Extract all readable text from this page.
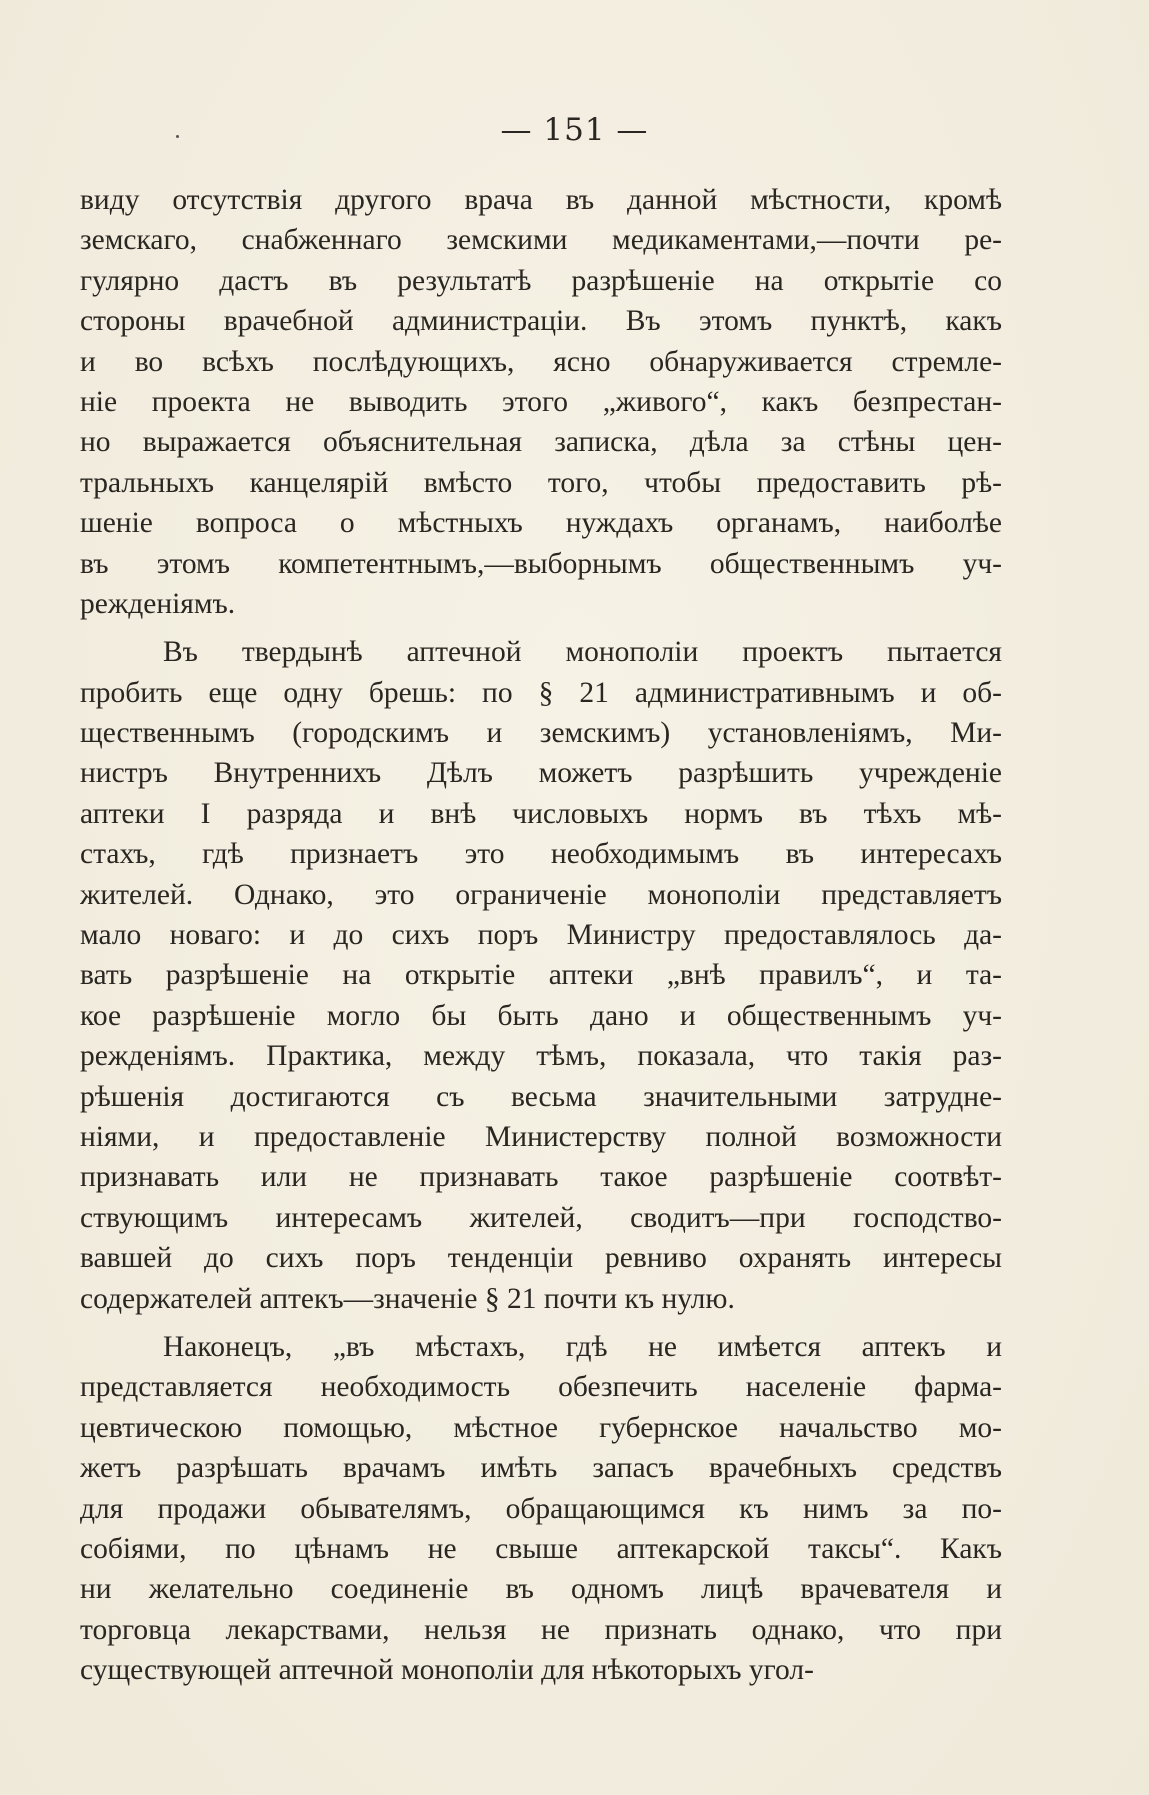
— 151 —
виду отсутствія другого врача въ данной мѣстности, кромѣ
земскаго, снабженнаго земскими медикаментами,—почти ре-
гулярно дастъ въ результатѣ разрѣшеніе на открытіе со
стороны врачебной администраціи. Въ этомъ пунктѣ, какъ
и во всѣхъ послѣдующихъ, ясно обнаруживается стремле-
ніе проекта не выводить этого „живого“, какъ безпрестан-
но выражается объяснительная записка, дѣла за стѣны цен-
тральныхъ канцелярій вмѣсто того, чтобы предоставить рѣ-
шеніе вопроса о мѣстныхъ нуждахъ органамъ, наиболѣе
въ этомъ компетентнымъ,—выборнымъ общественнымъ уч-
режденіямъ.
Въ твердынѣ аптечной монополіи проектъ пытается
пробить еще одну брешь: по § 21 административнымъ и об-
щественнымъ (городскимъ и земскимъ) установленіямъ, Ми-
нистръ Внутреннихъ Дѣлъ можетъ разрѣшить учрежденіе
аптеки I разряда и внѣ числовыхъ нормъ въ тѣхъ мѣ-
стахъ, гдѣ признаетъ это необходимымъ въ интересахъ
жителей. Однако, это ограниченіе монополіи представляетъ
мало новаго: и до сихъ поръ Министру предоставлялось да-
вать разрѣшеніе на открытіе аптеки „внѣ правилъ“, и та-
кое разрѣшеніе могло бы быть дано и общественнымъ уч-
режденіямъ. Практика, между тѣмъ, показала, что такія раз-
рѣшенія достигаются съ весьма значительными затрудне-
ніями, и предоставленіе Министерству полной возможности
признавать или не признавать такое разрѣшеніе соотвѣт-
ствующимъ интересамъ жителей, сводитъ—при господство-
вавшей до сихъ поръ тенденціи ревниво охранять интересы
содержателей аптекъ—значеніе § 21 почти къ нулю.
Наконецъ, „въ мѣстахъ, гдѣ не имѣется аптекъ и
представляется необходимость обезпечить населеніе фарма-
цевтическою помощью, мѣстное губернское начальство мо-
жетъ разрѣшать врачамъ имѣть запасъ врачебныхъ средствъ
для продажи обывателямъ, обращающимся къ нимъ за по-
собіями, по цѣнамъ не свыше аптекарской таксы“. Какъ
ни желательно соединеніе въ одномъ лицѣ врачевателя и
торговца лекарствами, нельзя не признать однако, что при
существующей аптечной монополіи для нѣкоторыхъ угол-
